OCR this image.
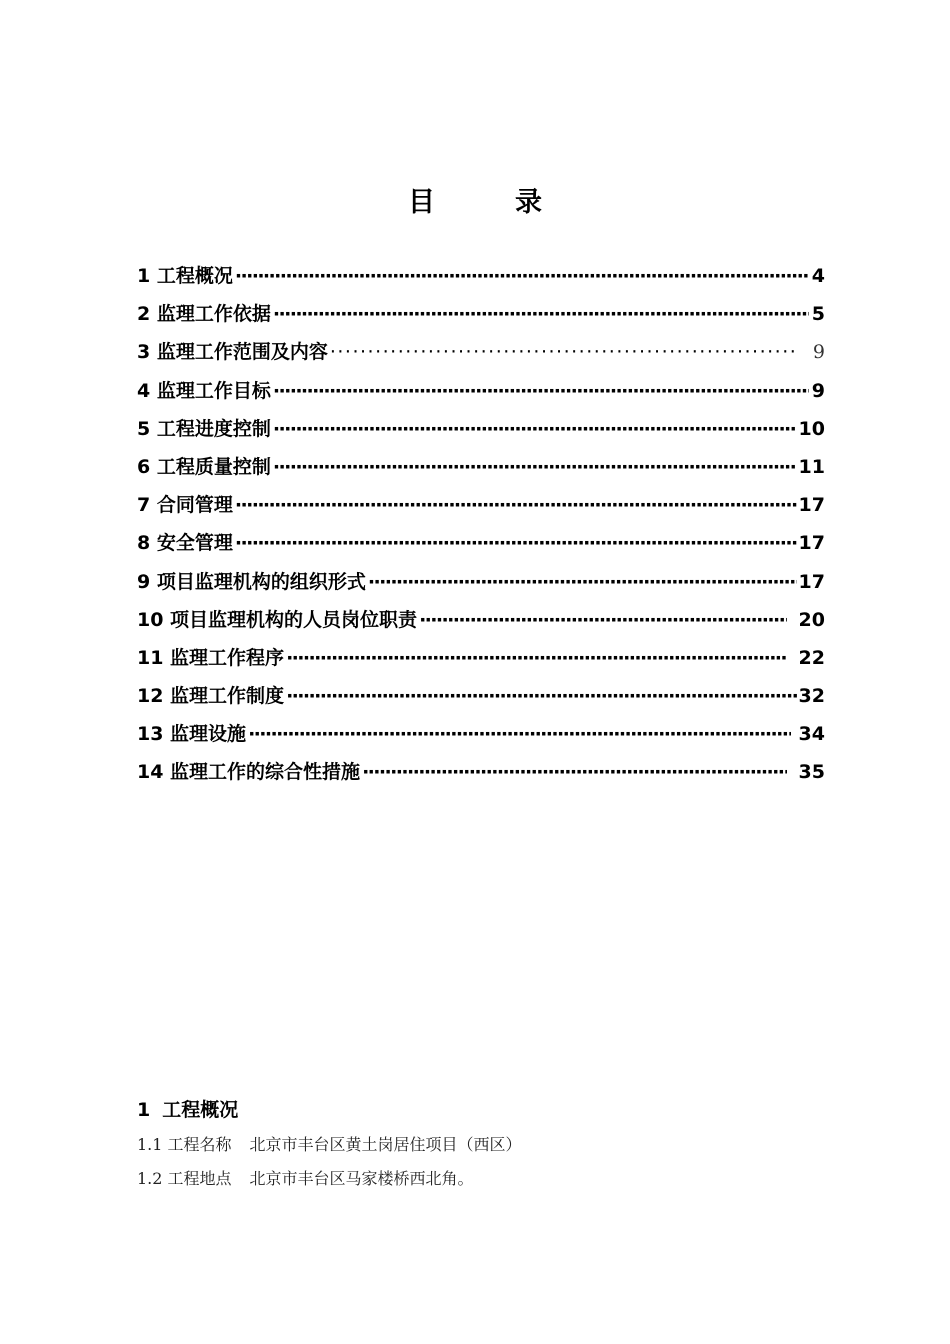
目	录
1 工程概况 ·····	4
2 监理工作依据 ·····	5
3 监理工作范围及内容 ·····	9
4 监理工作目标 ·····	9
5 工程进度控制 ·····	10
6 工程质量控制 ·····	11
7 合同管理 ·····	17
8 安全管理 ·····	17
9 项目监理机构的组织形式 ·····	17
10 项目监理机构的人员岗位职责 ·····	20
11 监理工作程序 ·····	22
12 监理工作制度 ·····	32
13 监理设施 ·····	34
14 监理工作的综合性措施 ·····	35
1 工程概况
1.1 工程名称 北京市丰台区黄土岗居住项目（西区）
1.2 工程地点 北京市丰台区马家楼桥西北角。
